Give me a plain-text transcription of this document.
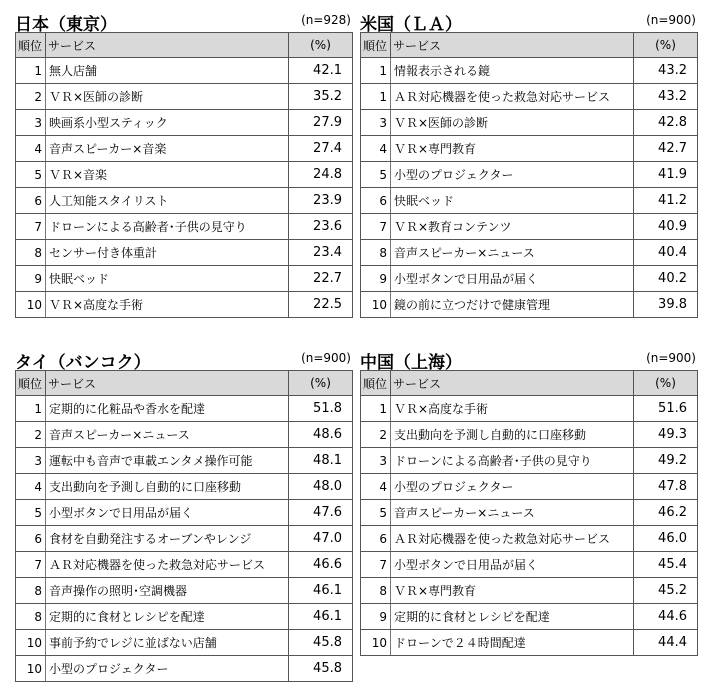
日本（東京）	(n=928)
順位	サービス	(%)
1	無人店舗	42.1
2	ＶＲ×医師の診断	35.2
3	映画系小型スティック	27.9
4	音声スピーカー×音楽	27.4
5	ＶＲ×音楽	24.8
6	人工知能スタイリスト	23.9
7	ドローンによる高齢者･子供の見守り	23.6
8	センサー付き体重計	23.4
9	快眠ベッド	22.7
10	ＶＲ×高度な手術	22.5
米国（ＬＡ）	(n=900)
順位	サービス	(%)
1	情報表示される鏡	43.2
1	ＡＲ対応機器を使った救急対応サービス	43.2
3	ＶＲ×医師の診断	42.8
4	ＶＲ×専門教育	42.7
5	小型のプロジェクター	41.9
6	快眠ベッド	41.2
7	ＶＲ×教育コンテンツ	40.9
8	音声スピーカー×ニュース	40.4
9	小型ボタンで日用品が届く	40.2
10	鏡の前に立つだけで健康管理	39.8
タイ（バンコク）	(n=900)
順位	サービス	(%)
1	定期的に化粧品や香水を配達	51.8
2	音声スピーカー×ニュース	48.6
3	運転中も音声で車載エンタメ操作可能	48.1
4	支出動向を予測し自動的に口座移動	48.0
5	小型ボタンで日用品が届く	47.6
6	食材を自動発注するオーブンやレンジ	47.0
7	ＡＲ対応機器を使った救急対応サービス	46.6
8	音声操作の照明･空調機器	46.1
8	定期的に食材とレシピを配達	46.1
10	事前予約でレジに並ばない店舗	45.8
10	小型のプロジェクター	45.8
中国（上海）	(n=900)
順位	サービス	(%)
1	ＶＲ×高度な手術	51.6
2	支出動向を予測し自動的に口座移動	49.3
3	ドローンによる高齢者･子供の見守り	49.2
4	小型のプロジェクター	47.8
5	音声スピーカー×ニュース	46.2
6	ＡＲ対応機器を使った救急対応サービス	46.0
7	小型ボタンで日用品が届く	45.4
8	ＶＲ×専門教育	45.2
9	定期的に食材とレシピを配達	44.6
10	ドローンで２４時間配達	44.4
